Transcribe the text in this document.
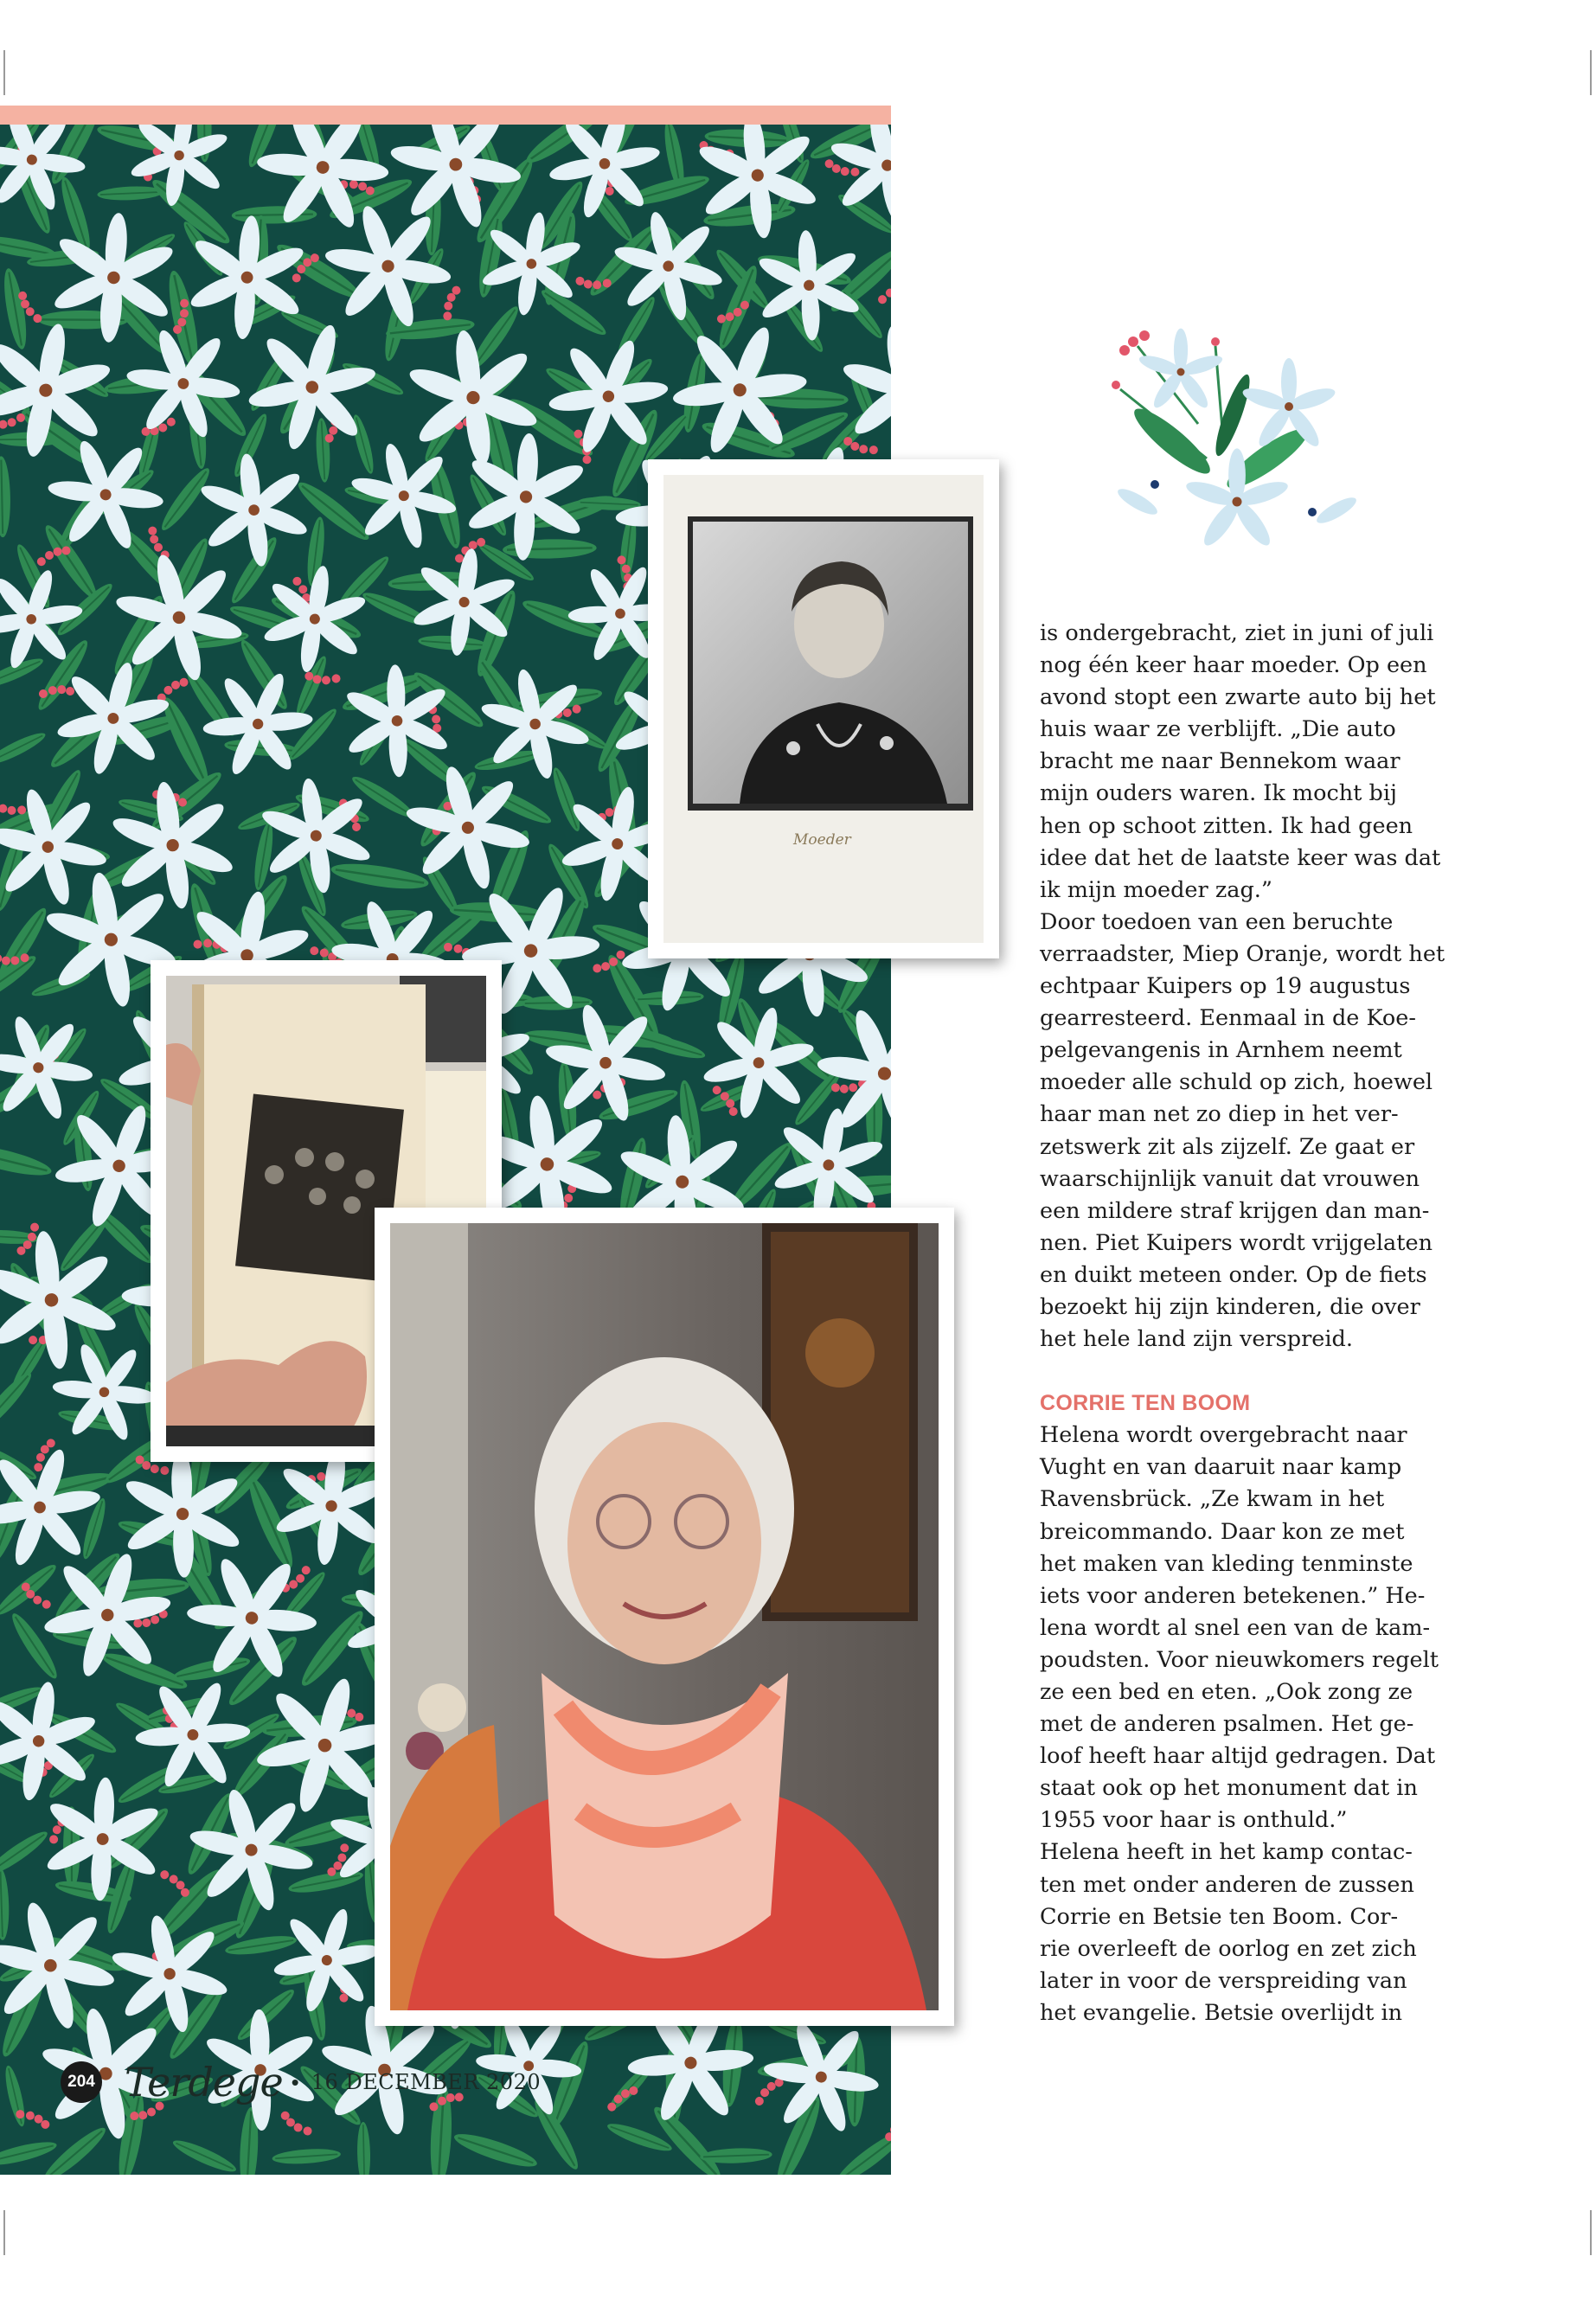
Moeder

is ondergebracht, ziet in juni of juli
nog één keer haar moeder. Op een
avond stopt een zwarte auto bij het
huis waar ze verblijft. „Die auto
bracht me naar Bennekom waar
mijn ouders waren. Ik mocht bij
hen op schoot zitten. Ik had geen
idee dat het de laatste keer was dat
ik mijn moeder zag.”

Door toedoen van een beruchte
verraadster, Miep Oranje, wordt het
echtpaar Kuipers op 19 augustus
gearresteerd. Eenmaal in de Koe-
pelgevangenis in Arnhem neemt
moeder alle schuld op zich, hoewel
haar man net zo diep in het ver-
zetswerk zit als zijzelf. Ze gaat er
waarschijnlijk vanuit dat vrouwen
een mildere straf krijgen dan man-
nen. Piet Kuipers wordt vrijgelaten
en duikt meteen onder. Op de fiets
bezoekt hij zijn kinderen, die over
het hele land zijn verspreid.

CORRIE TEN BOOM

Helena wordt overgebracht naar
Vught en van daaruit naar kamp
Ravensbrück. „Ze kwam in het
breicommando. Daar kon ze met
het maken van kleding tenminste
iets voor anderen betekenen.” He-
lena wordt al snel een van de kam-
poudsten. Voor nieuwkomers regelt
ze een bed en eten. „Ook zong ze
met de anderen psalmen. Het ge-
loof heeft haar altijd gedragen. Dat
staat ook op het monument dat in
1955 voor haar is onthuld.”

Helena heeft in het kamp contac-
ten met onder anderen de zussen
Corrie en Betsie ten Boom. Cor-
rie overleeft de oorlog en zet zich
later in voor de verspreiding van
het evangelie. Betsie overlijdt in

204 Terdege • 16 DECEMBER 2020
